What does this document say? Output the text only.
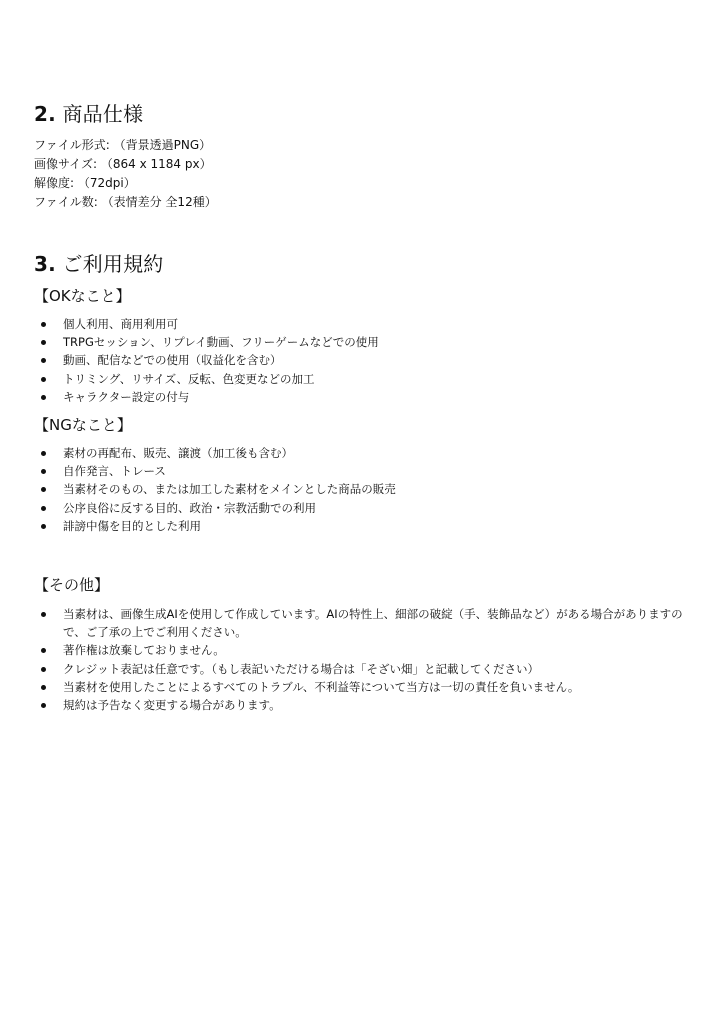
2. 商品仕様

ファイル形式: （背景透過PNG）

画像サイズ: （864 x 1184 px）

解像度: （72dpi）

ファイル数: （表情差分 全12種）

3. ご利用規約

【OKなこと】

個人利用、商用利用可
TRPGセッション、リプレイ動画、フリーゲームなどでの使用
動画、配信などでの使用（収益化を含む）
トリミング、リサイズ、反転、色変更などの加工
キャラクター設定の付与

【NGなこと】

素材の再配布、販売、譲渡（加工後も含む）
自作発言、トレース
当素材そのもの、または加工した素材をメインとした商品の販売
公序良俗に反する目的、政治・宗教活動での利用
誹謗中傷を目的とした利用

【その他】

当素材は、画像生成AIを使用して作成しています。AIの特性上、細部の破綻（手、装飾品など）がある場合がありますので、ご了承の上でご利用ください。
著作権は放棄しておりません。
クレジット表記は任意です。（もし表記いただける場合は「そざい畑」と記載してください）
当素材を使用したことによるすべてのトラブル、不利益等について当方は一切の責任を負いません。
規約は予告なく変更する場合があります。
